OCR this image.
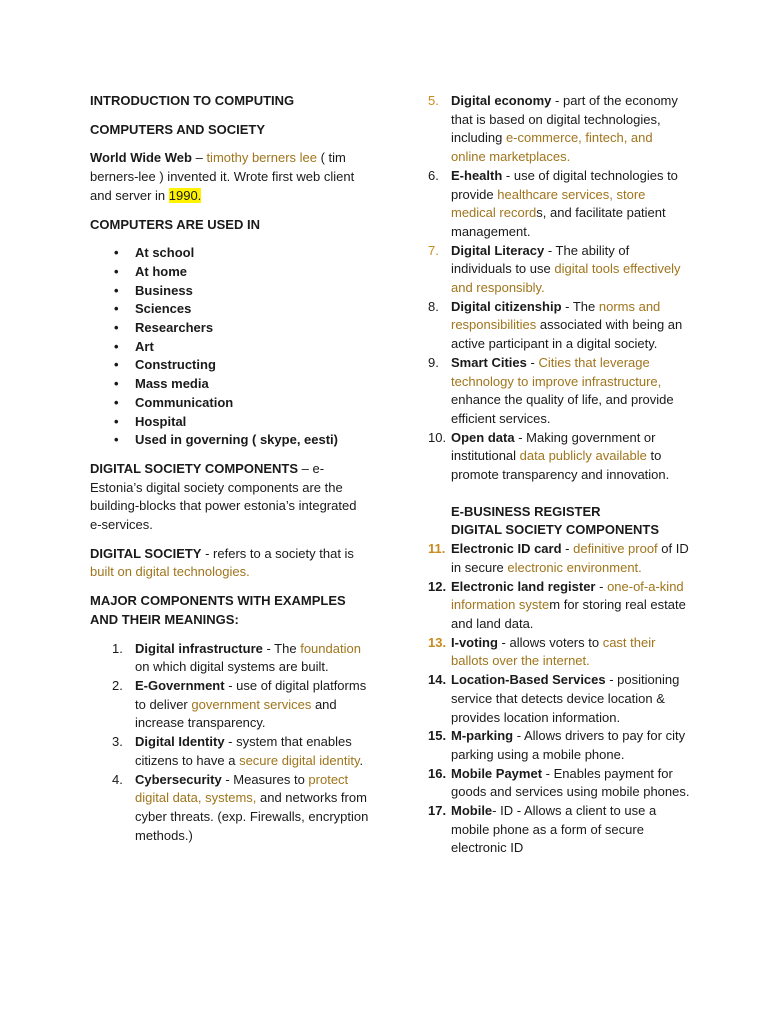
INTRODUCTION TO COMPUTING
COMPUTERS AND SOCIETY
World Wide Web – timothy berners lee ( tim berners-lee ) invented it. Wrote first web client and server in 1990.
COMPUTERS ARE USED IN
• At school
• At home
• Business
• Sciences
• Researchers
• Art
• Constructing
• Mass media
• Communication
• Hospital
• Used in governing ( skype, eesti)
DIGITAL SOCIETY COMPONENTS – e-Estonia’s digital society components are the building-blocks that power estonia’s integrated e-services.
DIGITAL SOCIETY - refers to a society that is built on digital technologies.
MAJOR COMPONENTS WITH EXAMPLES AND THEIR MEANINGS:
1. Digital infrastructure - The foundation on which digital systems are built.
2. E-Government - use of digital platforms to deliver government services and increase transparency.
3. Digital Identity - system that enables citizens to have a secure digital identity.
4. Cybersecurity - Measures to protect digital data, systems, and networks from cyber threats. (exp. Firewalls, encryption methods.)
5. Digital economy - part of the economy that is based on digital technologies, including e-commerce, fintech, and online marketplaces.
6. E-health - use of digital technologies to provide healthcare services, store medical records, and facilitate patient management.
7. Digital Literacy - The ability of individuals to use digital tools effectively and responsibly.
8. Digital citizenship - The norms and responsibilities associated with being an active participant in a digital society.
9. Smart Cities - Cities that leverage technology to improve infrastructure, enhance the quality of life, and provide efficient services.
10. Open data - Making government or institutional data publicly available to promote transparency and innovation.
E-BUSINESS REGISTER
DIGITAL SOCIETY COMPONENTS
11. Electronic ID card - definitive proof of ID in secure electronic environment.
12. Electronic land register - one-of-a-kind information system for storing real estate and land data.
13. I-voting - allows voters to cast their ballots over the internet.
14. Location-Based Services - positioning service that detects device location & provides location information.
15. M-parking - Allows drivers to pay for city parking using a mobile phone.
16. Mobile Paymet - Enables payment for goods and services using mobile phones.
17. Mobile- ID - Allows a client to use a mobile phone as a form of secure electronic ID
